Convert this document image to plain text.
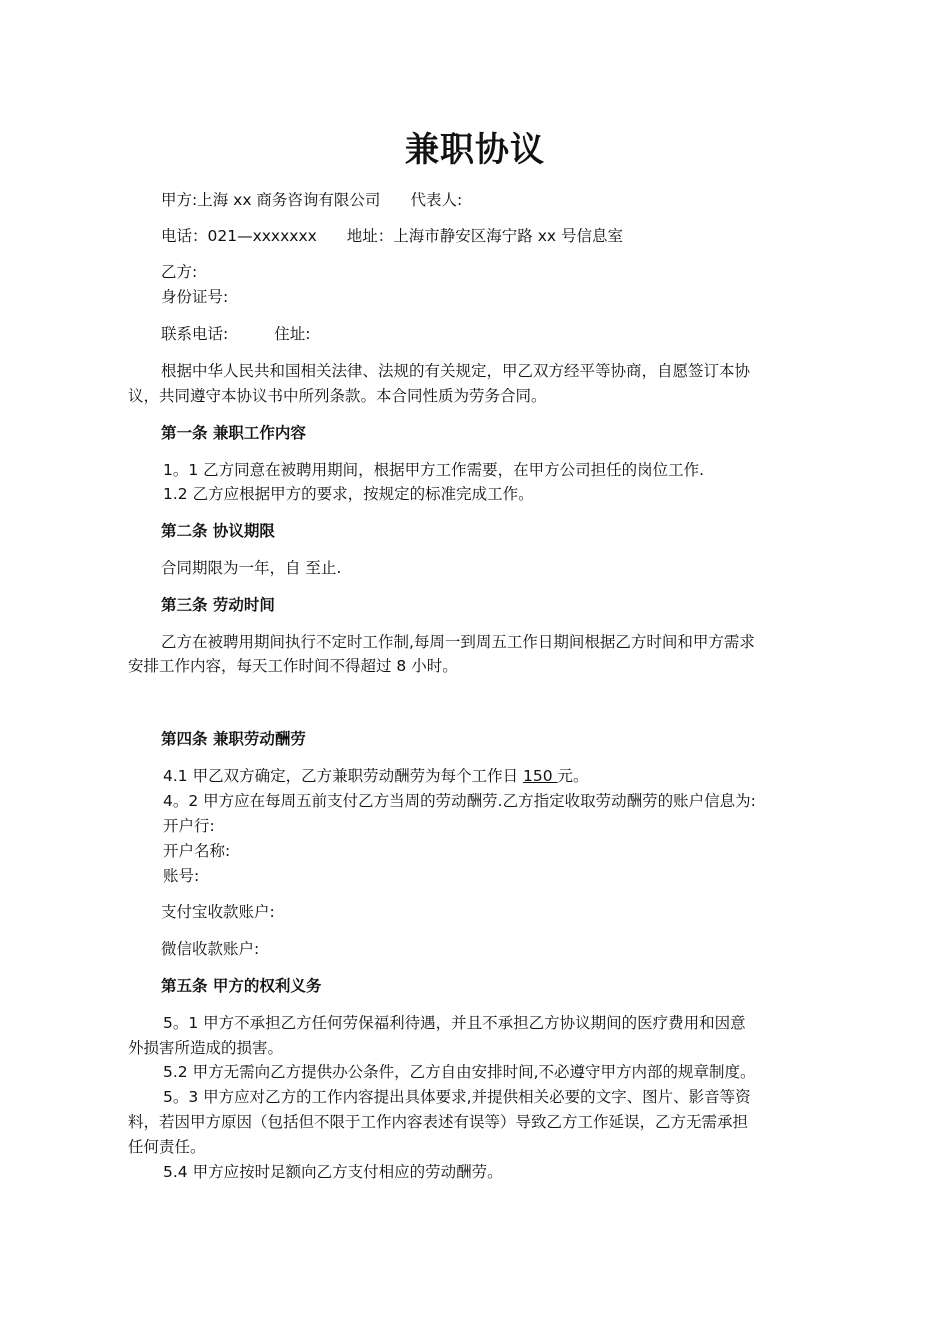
兼职协议
甲方:上海 xx 商务咨询有限公司 代表人:
电话：021—xxxxxxx 地址：上海市静安区海宁路 xx 号信息室
乙方:
身份证号:
联系电话:	住址:
根据中华人民共和国相关法律、法规的有关规定，甲乙双方经平等协商，自愿签订本协
议，共同遵守本协议书中所列条款。本合同性质为劳务合同。
第一条 兼职工作内容
1。1 乙方同意在被聘用期间，根据甲方工作需要，在甲方公司担任的岗位工作.
1.2 乙方应根据甲方的要求，按规定的标准完成工作。
第二条 协议期限
合同期限为一年，自 至止.
第三条 劳动时间
乙方在被聘用期间执行不定时工作制,每周一到周五工作日期间根据乙方时间和甲方需求
安排工作内容，每天工作时间不得超过 8 小时。
第四条 兼职劳动酬劳
4.1 甲乙双方确定，乙方兼职劳动酬劳为每个工作日 150 元。
4。2 甲方应在每周五前支付乙方当周的劳动酬劳.乙方指定收取劳动酬劳的账户信息为:
开户行:
开户名称:
账号:
支付宝收款账户:
微信收款账户:
第五条 甲方的权利义务
5。1 甲方不承担乙方任何劳保福利待遇，并且不承担乙方协议期间的医疗费用和因意
外损害所造成的损害。
5.2 甲方无需向乙方提供办公条件，乙方自由安排时间,不必遵守甲方内部的规章制度。
5。3 甲方应对乙方的工作内容提出具体要求,并提供相关必要的文字、图片、影音等资
料，若因甲方原因（包括但不限于工作内容表述有误等）导致乙方工作延误，乙方无需承担
任何责任。
5.4 甲方应按时足额向乙方支付相应的劳动酬劳。
